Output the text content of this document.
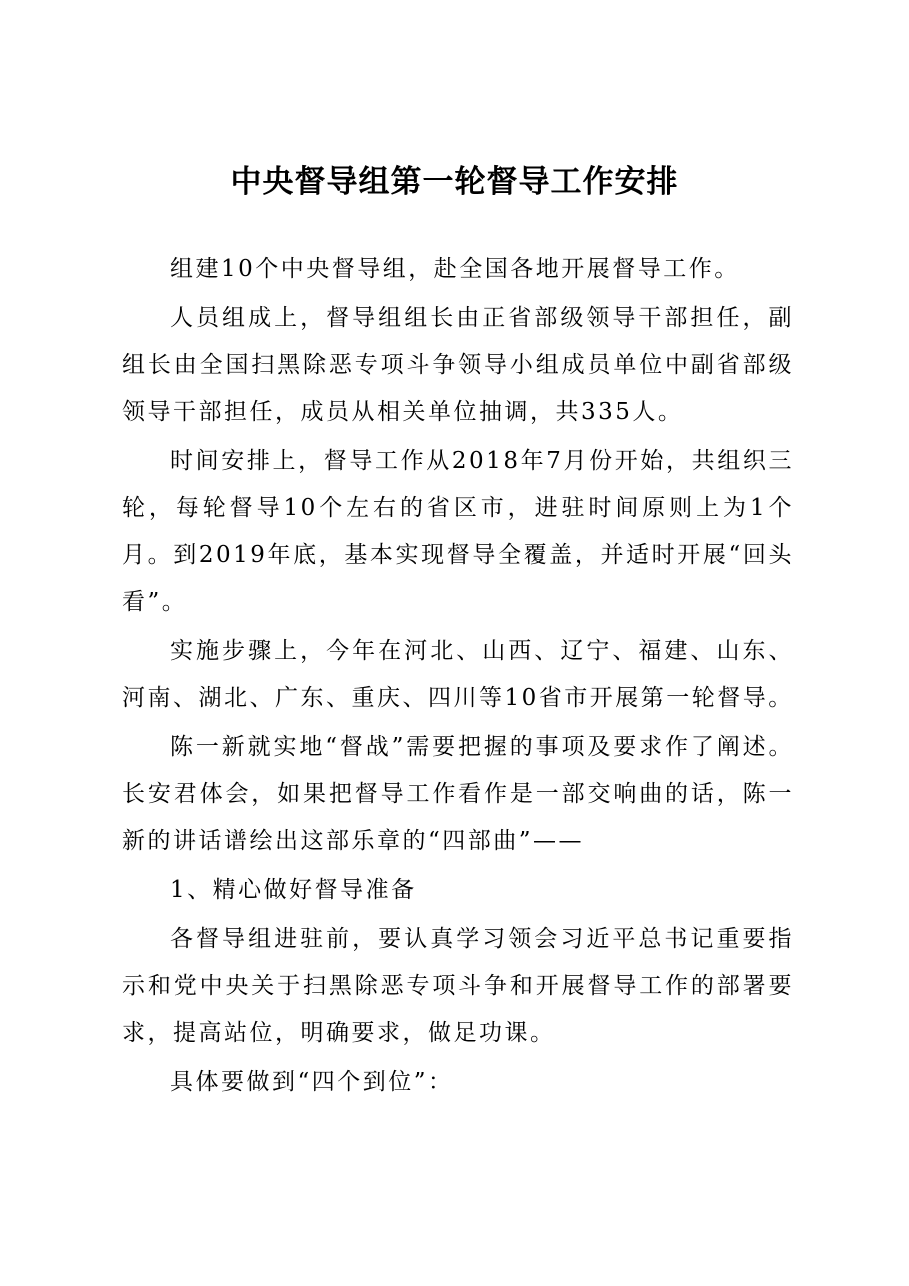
中央督导组第一轮督导工作安排

组建10个中央督导组，赴全国各地开展督导工作。

人员组成上，督导组组长由正省部级领导干部担任，副组长由全国扫黑除恶专项斗争领导小组成员单位中副省部级领导干部担任，成员从相关单位抽调，共335人。

时间安排上，督导工作从2018年7月份开始，共组织三轮，每轮督导10个左右的省区市，进驻时间原则上为1个月。到2019年底，基本实现督导全覆盖，并适时开展“回头看”。

实施步骤上，今年在河北、山西、辽宁、福建、山东、河南、湖北、广东、重庆、四川等10省市开展第一轮督导。

陈一新就实地“督战”需要把握的事项及要求作了阐述。长安君体会，如果把督导工作看作是一部交响曲的话，陈一新的讲话谱绘出这部乐章的“四部曲”——

1、精心做好督导准备

各督导组进驻前，要认真学习领会习近平总书记重要指示和党中央关于扫黑除恶专项斗争和开展督导工作的部署要求，提高站位，明确要求，做足功课。

具体要做到“四个到位”：
